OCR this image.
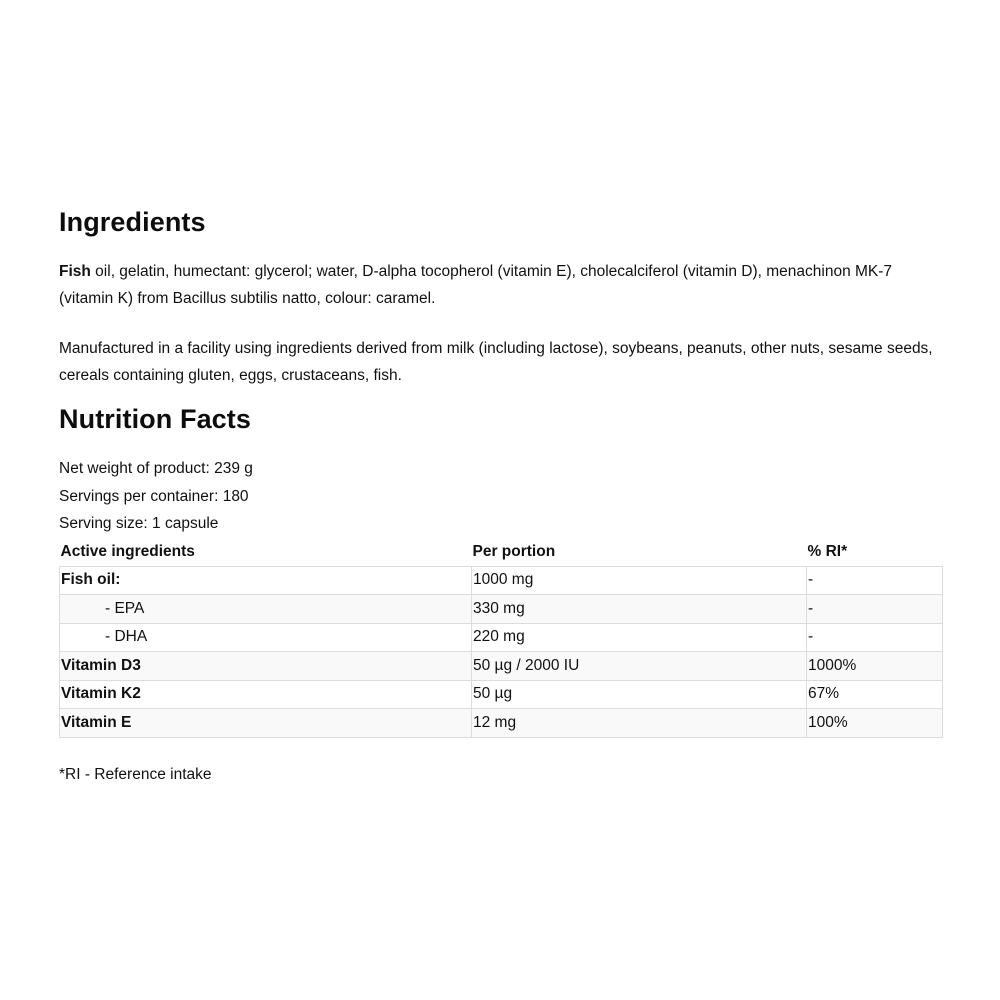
Ingredients

Fish oil, gelatin, humectant: glycerol; water, D-alpha tocopherol (vitamin E), cholecalciferol (vitamin D), menachinon MK-7 (vitamin K) from Bacillus subtilis natto, colour: caramel.

Manufactured in a facility using ingredients derived from milk (including lactose), soybeans, peanuts, other nuts, sesame seeds, cereals containing gluten, eggs, crustaceans, fish.

Nutrition Facts
Net weight of product: 239 g
Servings per container: 180
Serving size: 1 capsule
Active ingredients	Per portion	% RI*
Fish oil:	1000 mg	-
- EPA	330 mg	-
- DHA	220 mg	-
Vitamin D3	50 µg / 2000 IU	1000%
Vitamin K2	50 µg	67%
Vitamin E	12 mg	100%
*RI - Reference intake
